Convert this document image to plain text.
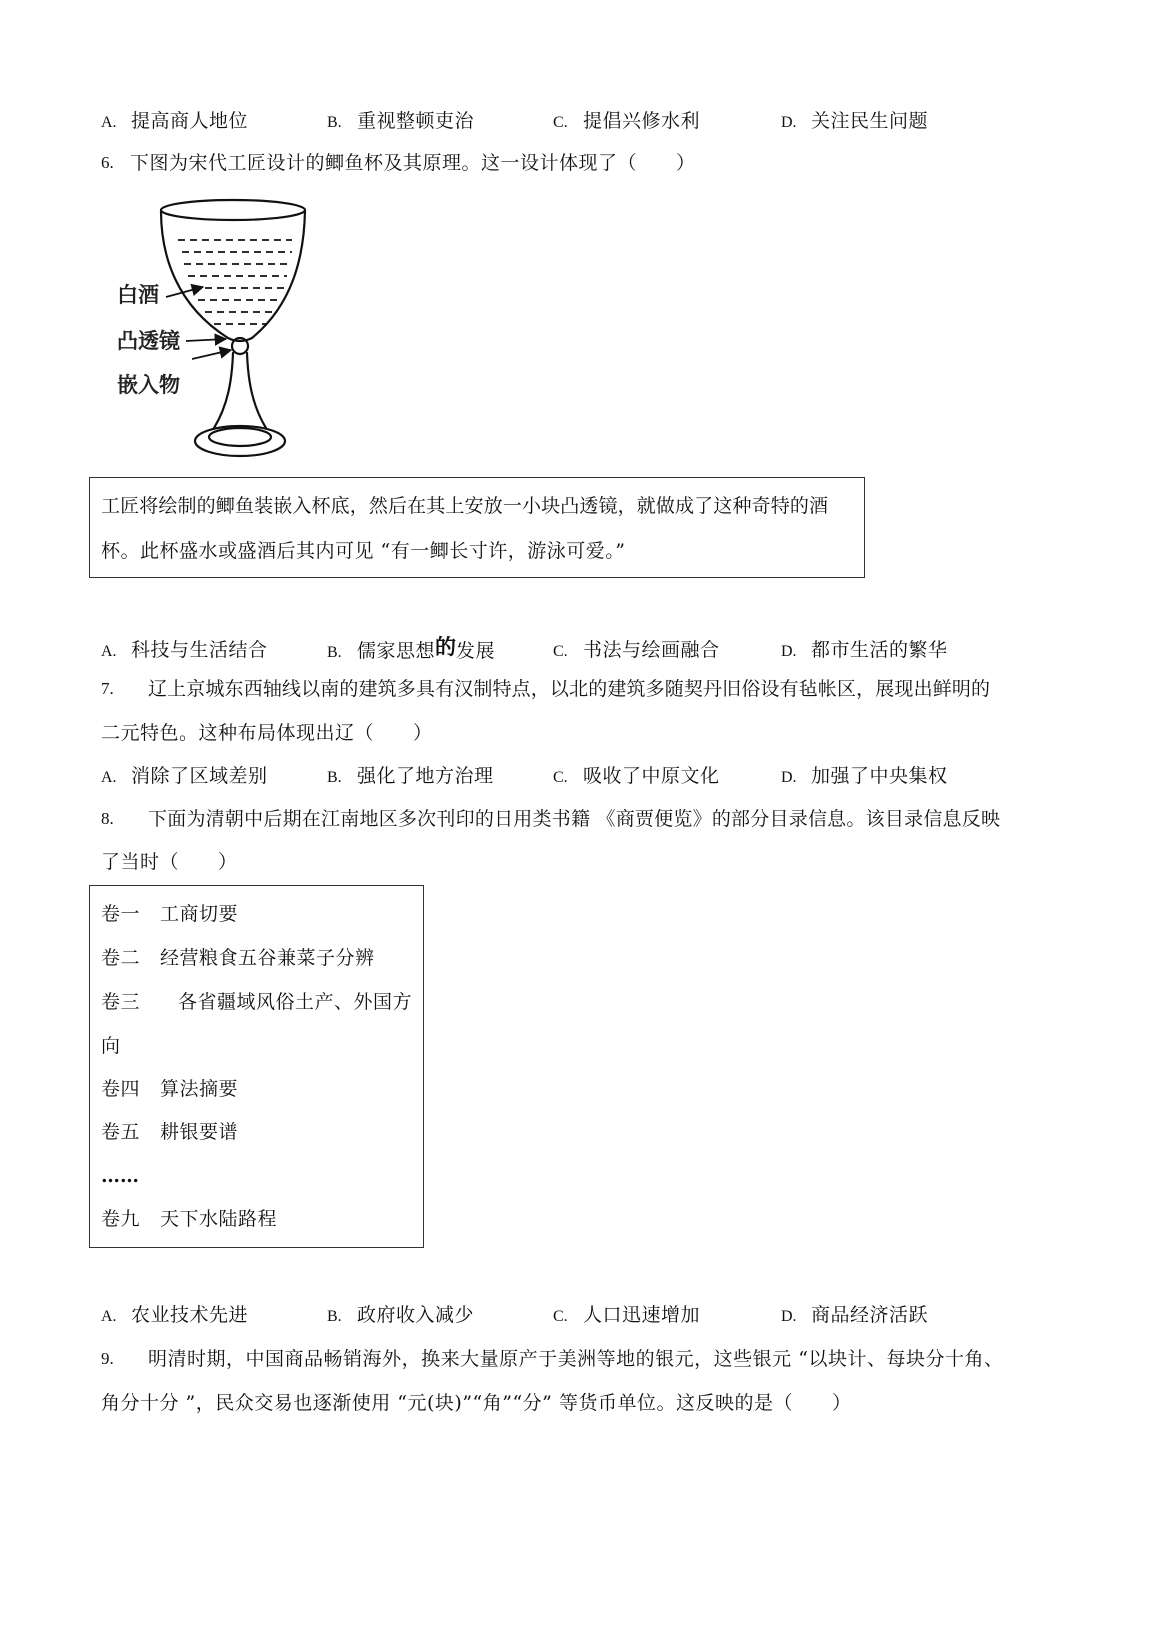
A. 提高商人地位	B. 重视整顿吏治	C. 提倡兴修水利	D. 关注民生问题
6. 下图为宋代工匠设计的鲫鱼杯及其原理。这一设计体现了（　　）
白酒
凸透镜
嵌入物
工匠将绘制的鲫鱼装嵌入杯底，然后在其上安放一小块凸透镜，就做成了这种奇特的酒
杯。此杯盛水或盛酒后其内可见 “有一鲫长寸许，游泳可爱。”
A. 科技与生活结合	B. 儒家思想的发展	C. 书法与绘画融合	D. 都市生活的繁华
7. 辽上京城东西轴线以南的建筑多具有汉制特点，以北的建筑多随契丹旧俗设有毡帐区，展现出鲜明的
二元特色。这种布局体现出辽（　　）
A. 消除了区域差别	B. 强化了地方治理	C. 吸收了中原文化	D. 加强了中央集权
8. 下面为清朝中后期在江南地区多次刊印的日用类书籍 《商贾便览》的部分目录信息。该目录信息反映
了当时（　　）
卷一 工商切要
卷二 经营粮食五谷兼菜子分辨
卷三 各省疆域风俗土产、外国方
向
卷四 算法摘要
卷五 耕银要谱
……
卷九 天下水陆路程
A. 农业技术先进	B. 政府收入减少	C. 人口迅速增加	D. 商品经济活跃
9. 明清时期，中国商品畅销海外，换来大量原产于美洲等地的银元，这些银元 “以块计、每块分十角、
角分十分 ”，民众交易也逐渐使用 “元(块)”“角”“分” 等货币单位。这反映的是（　　）
